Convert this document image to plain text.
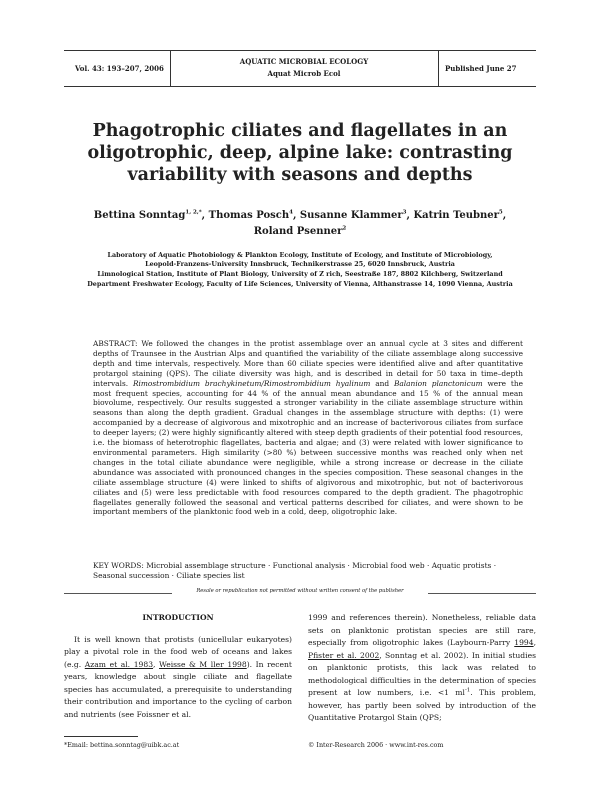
Vol. 43: 193–207, 2006
AQUATIC MICROBIAL ECOLOGY
Aquat Microb Ecol
Published June 27
Phagotrophic ciliates and flagellates in an oligotrophic, deep, alpine lake: contrasting variability with seasons and depths
Bettina Sonntag$^{1, 2,*}$, Thomas Posch$^4$, Susanne Klammer$^3$, Katrin Teubner$^5$,
Roland Psenner$^2$
Laboratory of Aquatic Photobiology & Plankton Ecology, Institute of Ecology, and Institute of Microbiology,
Leopold-Franzens-University Innsbruck, Technikerstrasse 25, 6020 Innsbruck, Austria
Limnological Station, Institute of Plant Biology, University of Z rich, Seestraße 187, 8802 Kilchberg, Switzerland
Department Freshwater Ecology, Faculty of Life Sciences, University of Vienna, Althanstrasse 14, 1090 Vienna, Austria
ABSTRACT: We followed the changes in the protist assemblage over an annual cycle at 3 sites and different depths of Traunsee in the Austrian Alps and quantified the variability of the ciliate assemblage along successive depth and time intervals, respectively. More than 60 ciliate species were identified alive and after quantitative protargol staining (QPS). The ciliate diversity was high, and is described in detail for 50 taxa in time–depth intervals. Rimostrombidium brachykinetum/Rimostrombidium hyalinum and Balanion planctonicum were the most frequent species, accounting for 44 % of the annual mean abundance and 15 % of the annual mean biovolume, respectively. Our results suggested a stronger variability in the ciliate assemblage structure within seasons than along the depth gradient. Gradual changes in the assemblage structure with depths: (1) were accompanied by a decrease of algivorous and mixotrophic and an increase of bacterivorous ciliates from surface to deeper layers; (2) were highly significantly altered with steep depth gradients of their potential food resources, i.e. the biomass of heterotrophic flagellates, bacteria and algae; and (3) were related with lower significance to environmental parameters. High similarity (>80 %) between successive months was reached only when net changes in the total ciliate abundance were negligible, while a strong increase or decrease in the ciliate abundance was associated with pronounced changes in the species composition. These seasonal changes in the ciliate assemblage structure (4) were linked to shifts of algivorous and mixotrophic, but not of bacterivorous ciliates and (5) were less predictable with food resources compared to the depth gradient. The phagotrophic flagellates generally followed the seasonal and vertical patterns described for ciliates, and were shown to be important members of the planktonic food web in a cold, deep, oligotrophic lake.
KEY WORDS: Microbial assemblage structure · Functional analysis · Microbial food web · Aquatic protists · Seasonal succession · Ciliate species list
Resale or republication not permitted without written consent of the publisher
INTRODUCTION
It is well known that protists (unicellular eukaryotes) play a pivotal role in the food web of oceans and lakes (e.g. Azam et al. 1983, Weisse & M ller 1998). In recent years, knowledge about single ciliate and flagellate species has accumulated, a prerequisite to understanding their contribution and importance to the cycling of carbon and nutrients (see Foissner et al.
1999 and references therein). Nonetheless, reliable data sets on planktonic protistan species are still rare, especially from oligotrophic lakes (Laybourn-Parry 1994, Pfister et al. 2002, Sonntag et al. 2002). In initial studies on planktonic protists, this lack was related to methodological difficulties in the determination of species present at low numbers, i.e. <1 $ml^{-1}$. This problem, however, has partly been solved by introduction of the Quantitative Protargol Stain (QPS;
*Email: bettina.sonntag@uibk.ac.at	© Inter-Research 2006 · www.int-res.com
